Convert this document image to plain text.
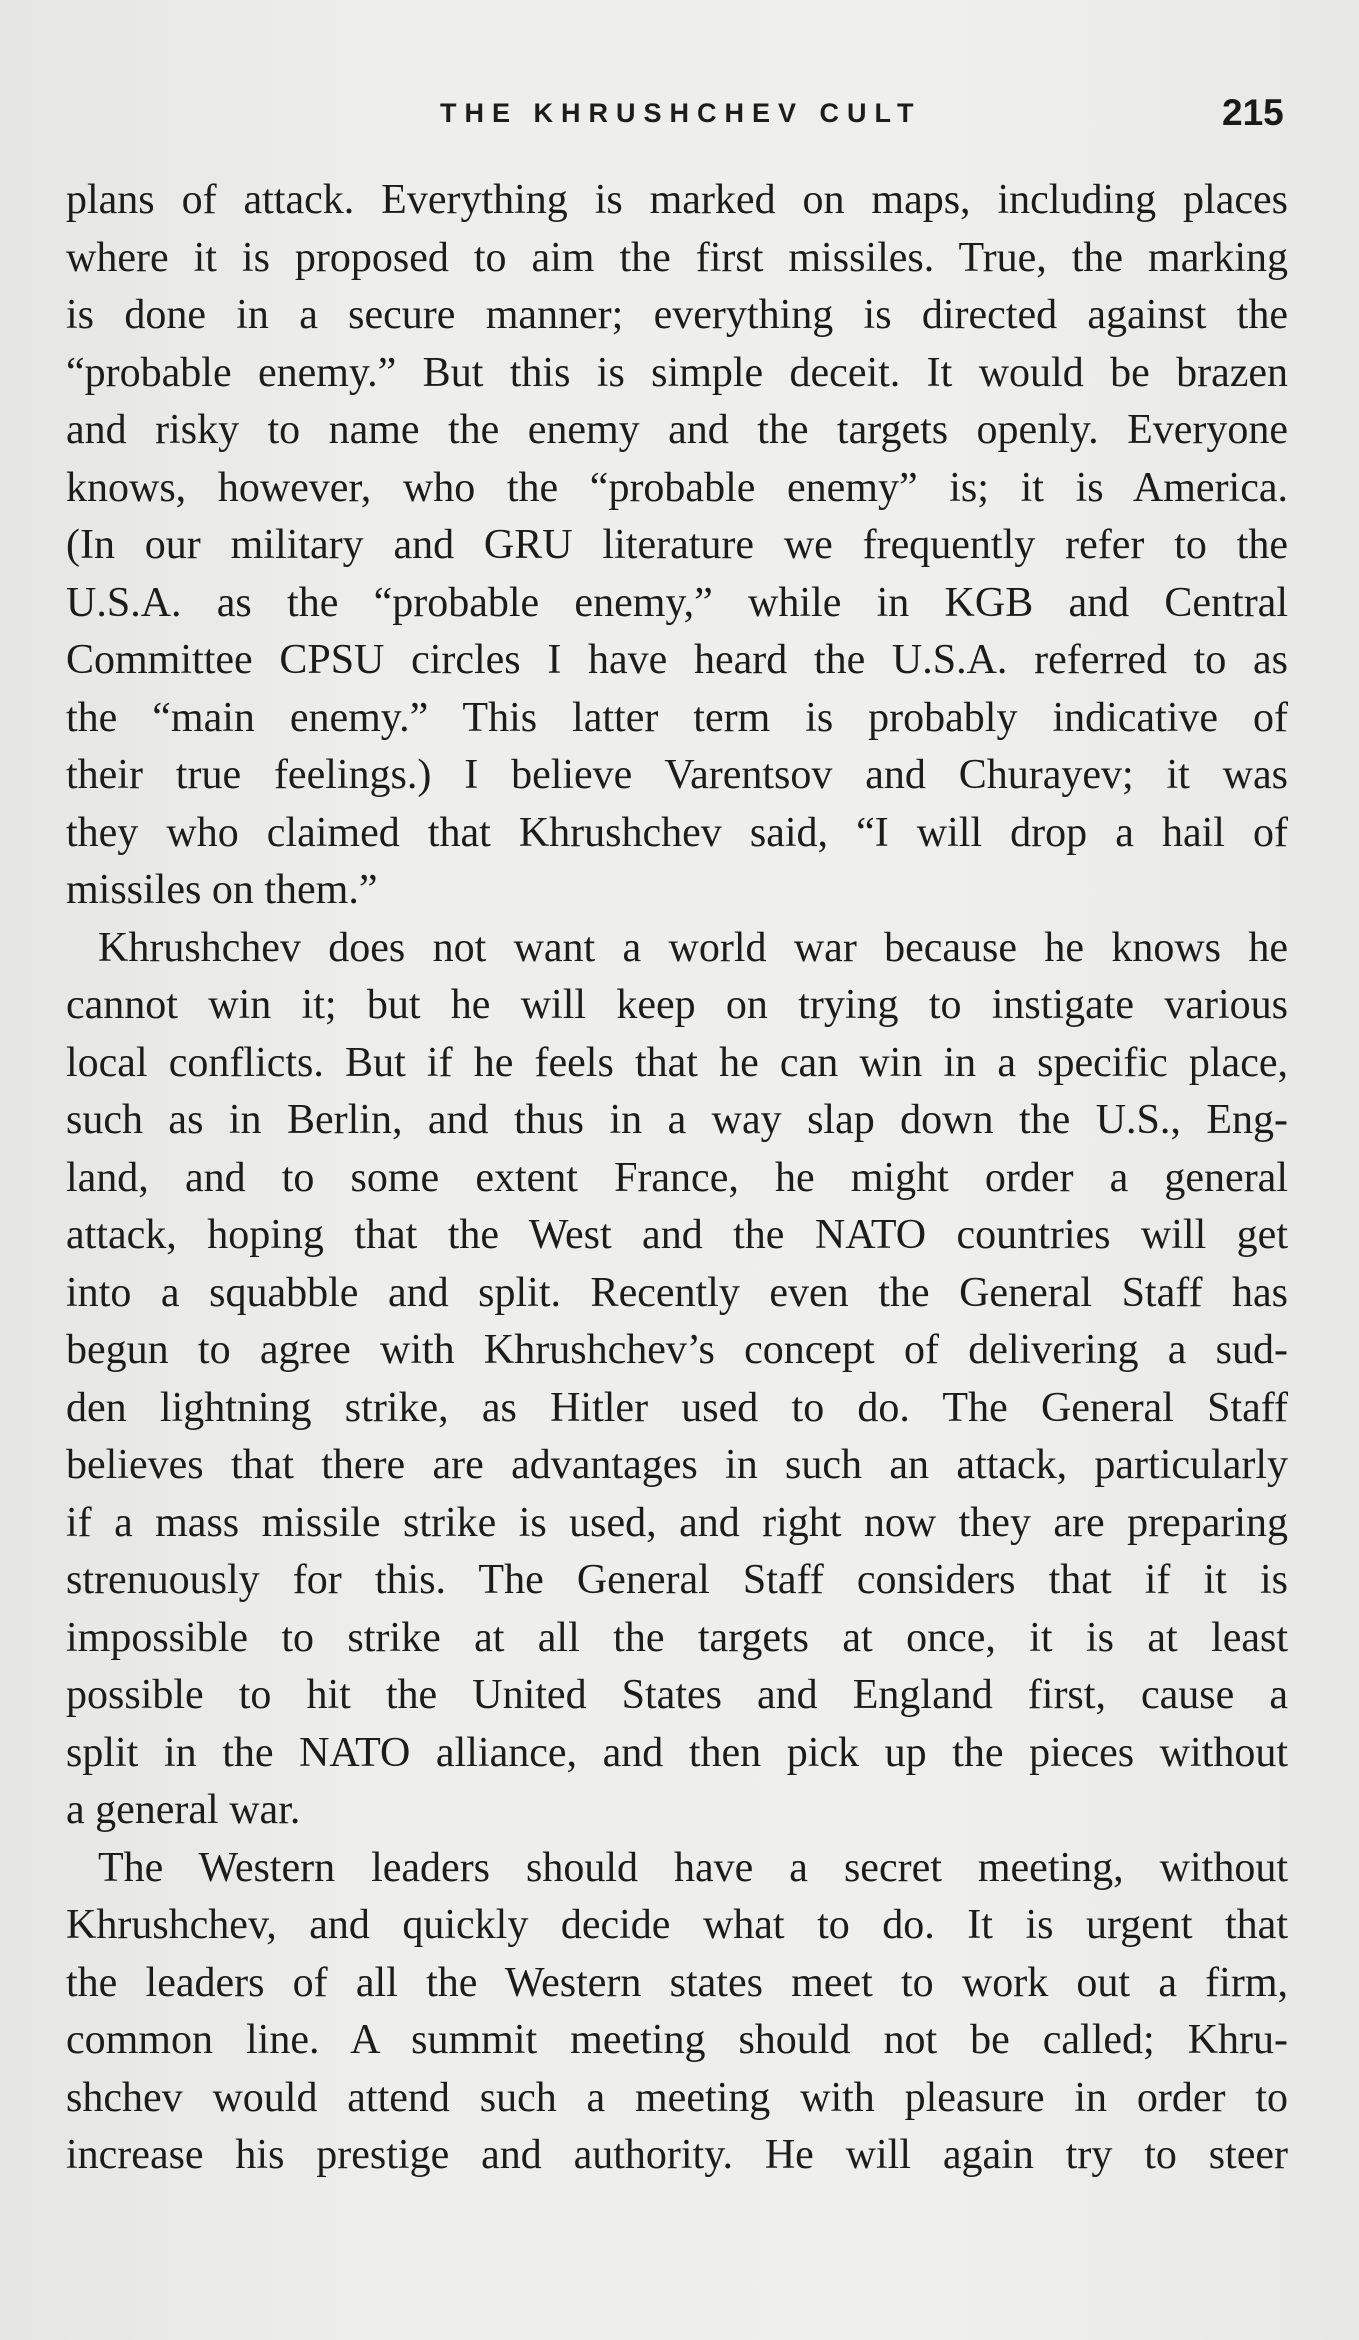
THE KHRUSHCHEV CULT	215
plans of attack. Everything is marked on maps, including places
where it is proposed to aim the first missiles. True, the marking
is done in a secure manner; everything is directed against the
“probable enemy.” But this is simple deceit. It would be brazen
and risky to name the enemy and the targets openly. Everyone
knows, however, who the “probable enemy” is; it is America.
(In our military and GRU literature we frequently refer to the
U.S.A. as the “probable enemy,” while in KGB and Central
Committee CPSU circles I have heard the U.S.A. referred to as
the “main enemy.” This latter term is probably indicative of
their true feelings.) I believe Varentsov and Churayev; it was
they who claimed that Khrushchev said, “I will drop a hail of
missiles on them.”
Khrushchev does not want a world war because he knows he
cannot win it; but he will keep on trying to instigate various
local conflicts. But if he feels that he can win in a specific place,
such as in Berlin, and thus in a way slap down the U.S., Eng-
land, and to some extent France, he might order a general
attack, hoping that the West and the NATO countries will get
into a squabble and split. Recently even the General Staff has
begun to agree with Khrushchev’s concept of delivering a sud-
den lightning strike, as Hitler used to do. The General Staff
believes that there are advantages in such an attack, particularly
if a mass missile strike is used, and right now they are preparing
strenuously for this. The General Staff considers that if it is
impossible to strike at all the targets at once, it is at least
possible to hit the United States and England first, cause a
split in the NATO alliance, and then pick up the pieces without
a general war.
The Western leaders should have a secret meeting, without
Khrushchev, and quickly decide what to do. It is urgent that
the leaders of all the Western states meet to work out a firm,
common line. A summit meeting should not be called; Khru-
shchev would attend such a meeting with pleasure in order to
increase his prestige and authority. He will again try to steer
